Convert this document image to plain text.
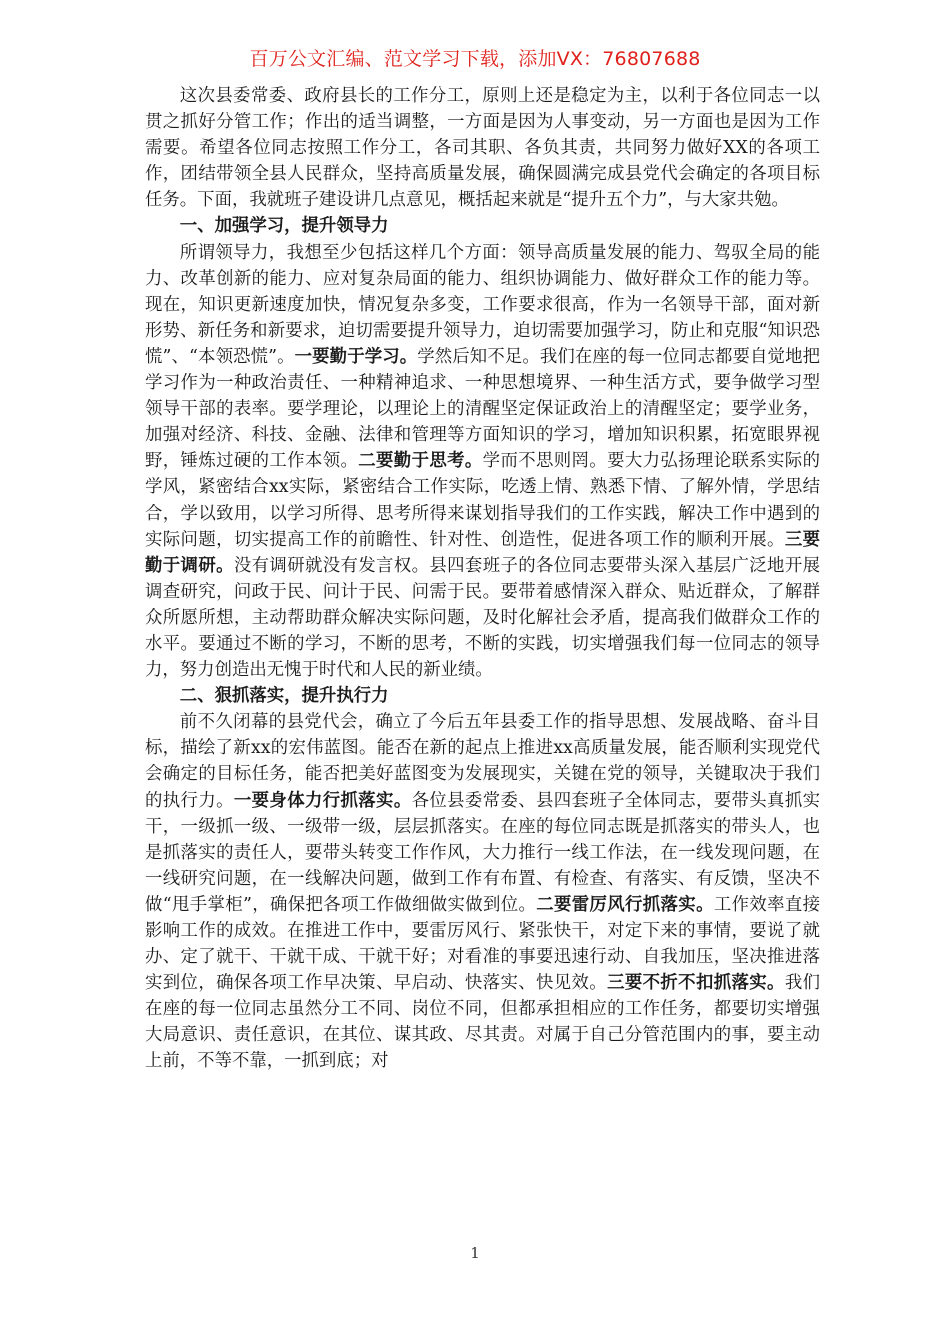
百万公文汇编、范文学习下载，添加VX：76807688

这次县委常委、政府县长的工作分工，原则上还是稳定为主，以利于各位同志一以贯之抓好分管工作；作出的适当调整，一方面是因为人事变动，另一方面也是因为工作需要。希望各位同志按照工作分工，各司其职、各负其责，共同努力做好XX的各项工作，团结带领全县人民群众，坚持高质量发展，确保圆满完成县党代会确定的各项目标任务。下面，我就班子建设讲几点意见，概括起来就是“提升五个力”，与大家共勉。

一、加强学习，提升领导力

所谓领导力，我想至少包括这样几个方面：领导高质量发展的能力、驾驭全局的能力、改革创新的能力、应对复杂局面的能力、组织协调能力、做好群众工作的能力等。现在，知识更新速度加快，情况复杂多变，工作要求很高，作为一名领导干部，面对新形势、新任务和新要求，迫切需要提升领导力，迫切需要加强学习，防止和克服“知识恐慌”、“本领恐慌”。一要勤于学习。学然后知不足。我们在座的每一位同志都要自觉地把学习作为一种政治责任、一种精神追求、一种思想境界、一种生活方式，要争做学习型领导干部的表率。要学理论，以理论上的清醒坚定保证政治上的清醒坚定；要学业务，加强对经济、科技、金融、法律和管理等方面知识的学习，增加知识积累，拓宽眼界视野，锤炼过硬的工作本领。二要勤于思考。学而不思则罔。要大力弘扬理论联系实际的学风，紧密结合xx实际，紧密结合工作实际，吃透上情、熟悉下情、了解外情，学思结合，学以致用，以学习所得、思考所得来谋划指导我们的工作实践，解决工作中遇到的实际问题，切实提高工作的前瞻性、针对性、创造性，促进各项工作的顺利开展。三要勤于调研。没有调研就没有发言权。县四套班子的各位同志要带头深入基层广泛地开展调查研究，问政于民、问计于民、问需于民。要带着感情深入群众、贴近群众，了解群众所愿所想，主动帮助群众解决实际问题，及时化解社会矛盾，提高我们做群众工作的水平。要通过不断的学习，不断的思考，不断的实践，切实增强我们每一位同志的领导力，努力创造出无愧于时代和人民的新业绩。

二、狠抓落实，提升执行力

前不久闭幕的县党代会，确立了今后五年县委工作的指导思想、发展战略、奋斗目标，描绘了新xx的宏伟蓝图。能否在新的起点上推进xx高质量发展，能否顺利实现党代会确定的目标任务，能否把美好蓝图变为发展现实，关键在党的领导，关键取决于我们的执行力。一要身体力行抓落实。各位县委常委、县四套班子全体同志，要带头真抓实干，一级抓一级、一级带一级，层层抓落实。在座的每位同志既是抓落实的带头人，也是抓落实的责任人，要带头转变工作作风，大力推行一线工作法，在一线发现问题，在一线研究问题，在一线解决问题，做到工作有布置、有检查、有落实、有反馈，坚决不做“甩手掌柜”，确保把各项工作做细做实做到位。二要雷厉风行抓落实。工作效率直接影响工作的成效。在推进工作中，要雷厉风行、紧张快干，对定下来的事情，要说了就办、定了就干、干就干成、干就干好；对看准的事要迅速行动、自我加压，坚决推进落实到位，确保各项工作早决策、早启动、快落实、快见效。三要不折不扣抓落实。我们在座的每一位同志虽然分工不同、岗位不同，但都承担相应的工作任务，都要切实增强大局意识、责任意识，在其位、谋其政、尽其责。对属于自己分管范围内的事，要主动上前，不等不靠，一抓到底；对

1
